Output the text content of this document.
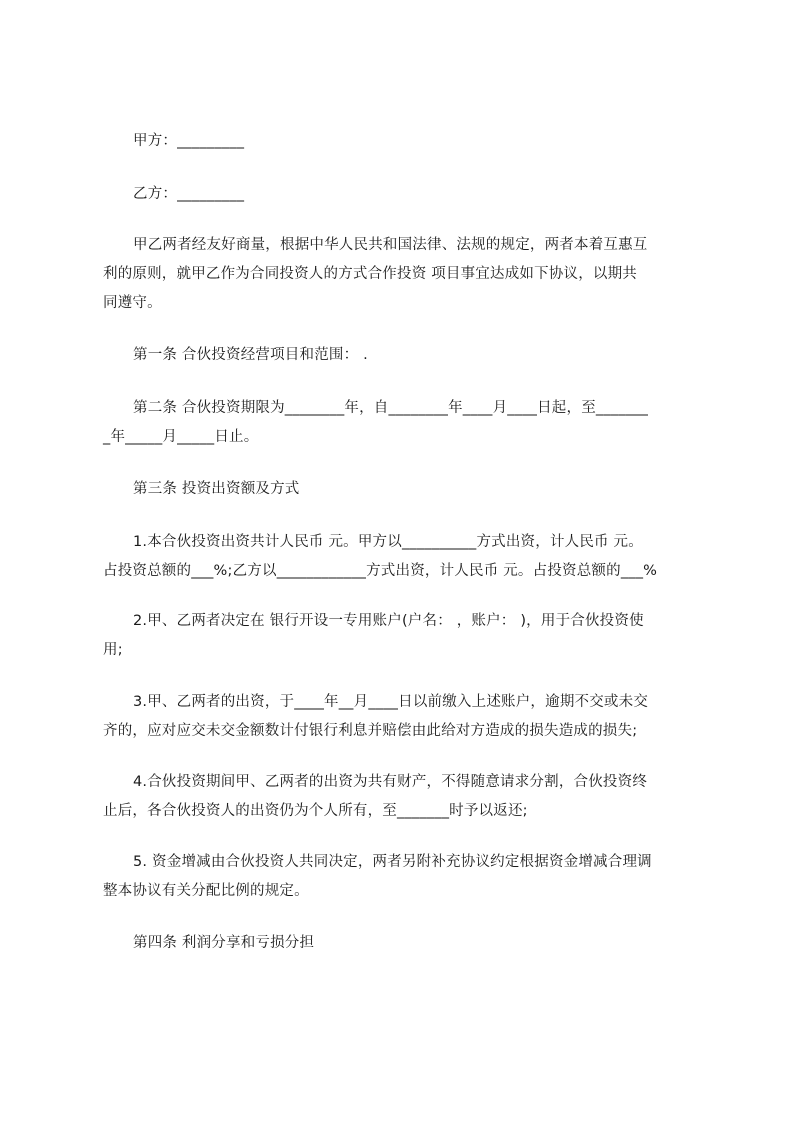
甲方：_________
乙方：_________
甲乙两者经友好商量，根据中华人民共和国法律、法规的规定，两者本着互惠互
利的原则，就甲乙作为合同投资人的方式合作投资 项目事宜达成如下协议，以期共
同遵守。
第一条 合伙投资经营项目和范围： .
第二条 合伙投资期限为________年，自________年____月____日起，至_______
_年_____月_____日止。
第三条 投资出资额及方式
1.本合伙投资出资共计人民币 元。甲方以__________方式出资，计人民币 元。
占投资总额的___%;乙方以____________方式出资，计人民币 元。占投资总额的___%
2.甲、乙两者决定在 银行开设一专用账户(户名： ，账户： )，用于合伙投资使
用;
3.甲、乙两者的出资，于____年__月____日以前缴入上述账户，逾期不交或未交
齐的，应对应交未交金额数计付银行利息并赔偿由此给对方造成的损失造成的损失;
4.合伙投资期间甲、乙两者的出资为共有财产，不得随意请求分割，合伙投资终
止后，各合伙投资人的出资仍为个人所有，至_______时予以返还;
5. 资金增减由合伙投资人共同决定，两者另附补充协议约定根据资金增减合理调
整本协议有关分配比例的规定。
第四条 利润分享和亏损分担
